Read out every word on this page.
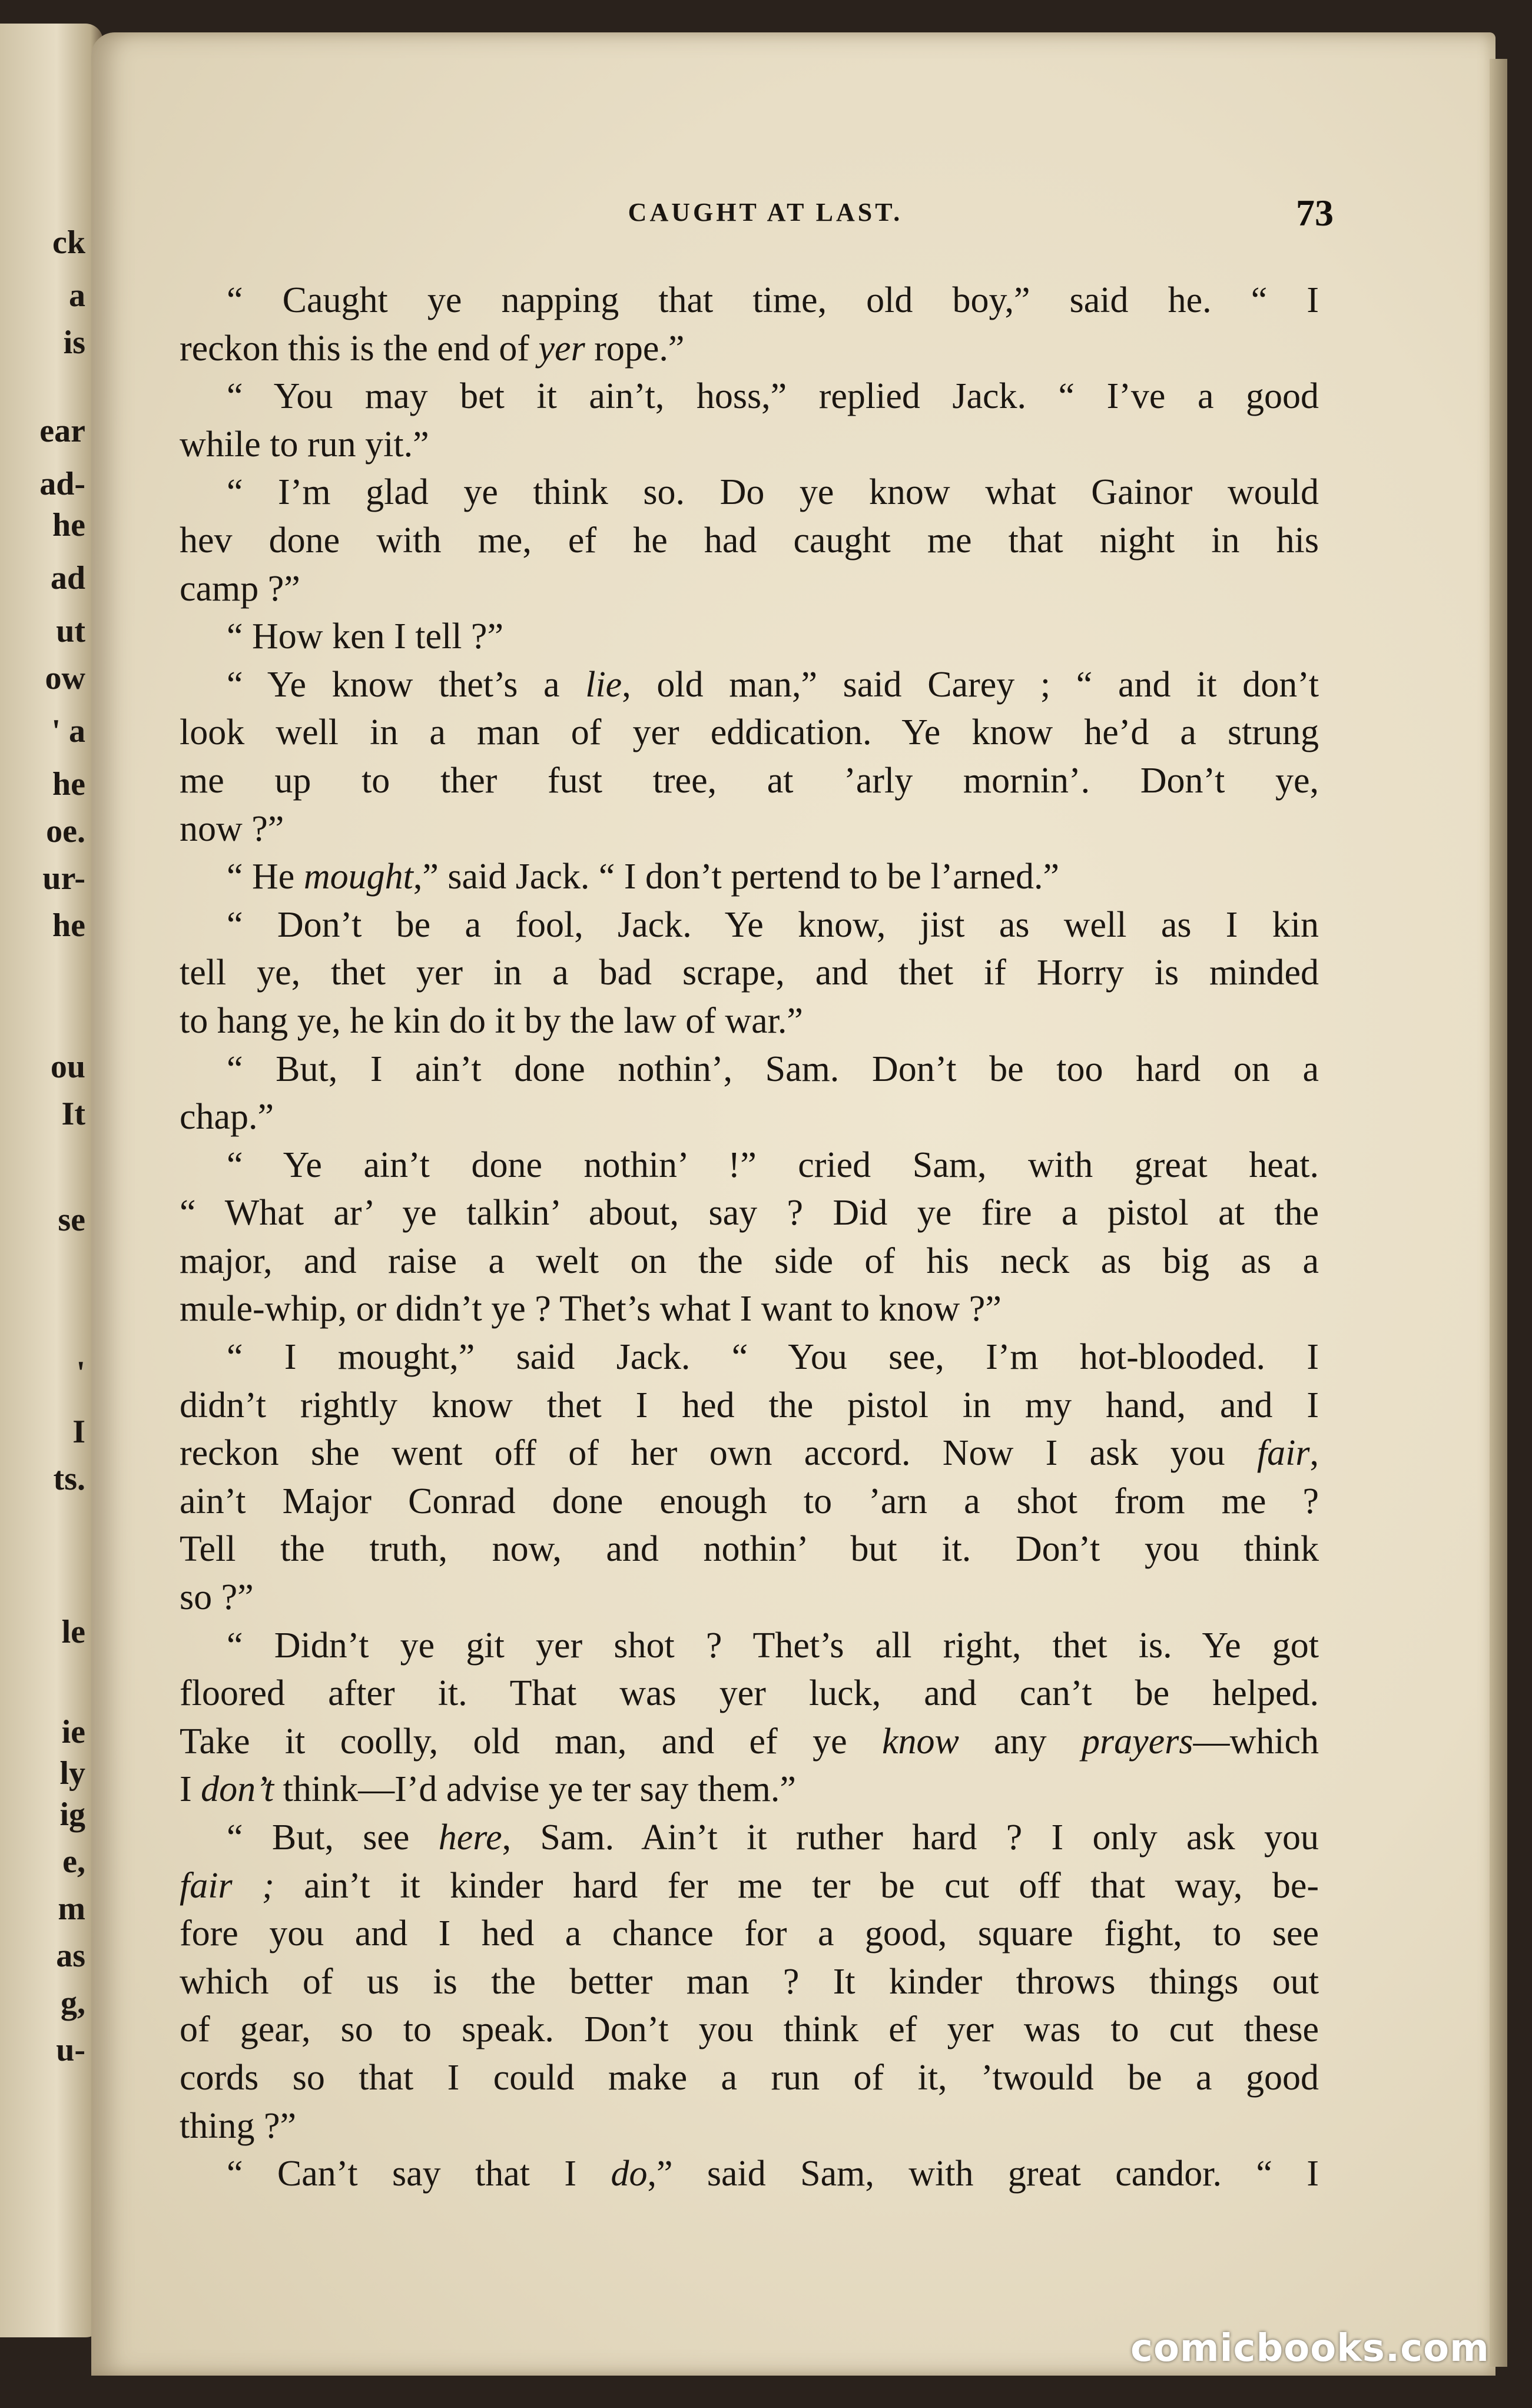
ck
a
is
ear
ad-
he
ad
ut
ow
' a
he
oe.
ur-
he
ou
It
se
'
I
ts.
le
ie
ly
ig
e,
m
as
g,
u-
CAUGHT AT LAST.	73
“ Caught ye napping that time, old boy,” said he. “ I
reckon this is the end of yer rope.”
“ You may bet it ain’t, hoss,” replied Jack. “ I’ve a good
while to run yit.”
“ I’m glad ye think so. Do ye know what Gainor would
hev done with me, ef he had caught me that night in his
camp ?”
“ How ken I tell ?”
“ Ye know thet’s a lie, old man,” said Carey ; “ and it don’t
look well in a man of yer eddication. Ye know he’d a strung
me up to ther fust tree, at ’arly mornin’. Don’t ye,
now ?”
“ He mought,” said Jack. “ I don’t pertend to be l’arned.”
“ Don’t be a fool, Jack. Ye know, jist as well as I kin
tell ye, thet yer in a bad scrape, and thet if Horry is minded
to hang ye, he kin do it by the law of war.”
“ But, I ain’t done nothin’, Sam. Don’t be too hard on a
chap.”
“ Ye ain’t done nothin’ !” cried Sam, with great heat.
“ What ar’ ye talkin’ about, say ? Did ye fire a pistol at the
major, and raise a welt on the side of his neck as big as a
mule-whip, or didn’t ye ? Thet’s what I want to know ?”
“ I mought,” said Jack. “ You see, I’m hot-blooded. I
didn’t rightly know thet I hed the pistol in my hand, and I
reckon she went off of her own accord. Now I ask you fair,
ain’t Major Conrad done enough to ’arn a shot from me ?
Tell the truth, now, and nothin’ but it. Don’t you think
so ?”
“ Didn’t ye git yer shot ? Thet’s all right, thet is. Ye got
floored after it. That was yer luck, and can’t be helped.
Take it coolly, old man, and ef ye know any prayers—which
I don’t think—I’d advise ye ter say them.”
“ But, see here, Sam. Ain’t it ruther hard ? I only ask you
fair ; ain’t it kinder hard fer me ter be cut off that way, be-
fore you and I hed a chance for a good, square fight, to see
which of us is the better man ? It kinder throws things out
of gear, so to speak. Don’t you think ef yer was to cut these
cords so that I could make a run of it, ’twould be a good
thing ?”
“ Can’t say that I do,” said Sam, with great candor. “ I
comicbooks.com
